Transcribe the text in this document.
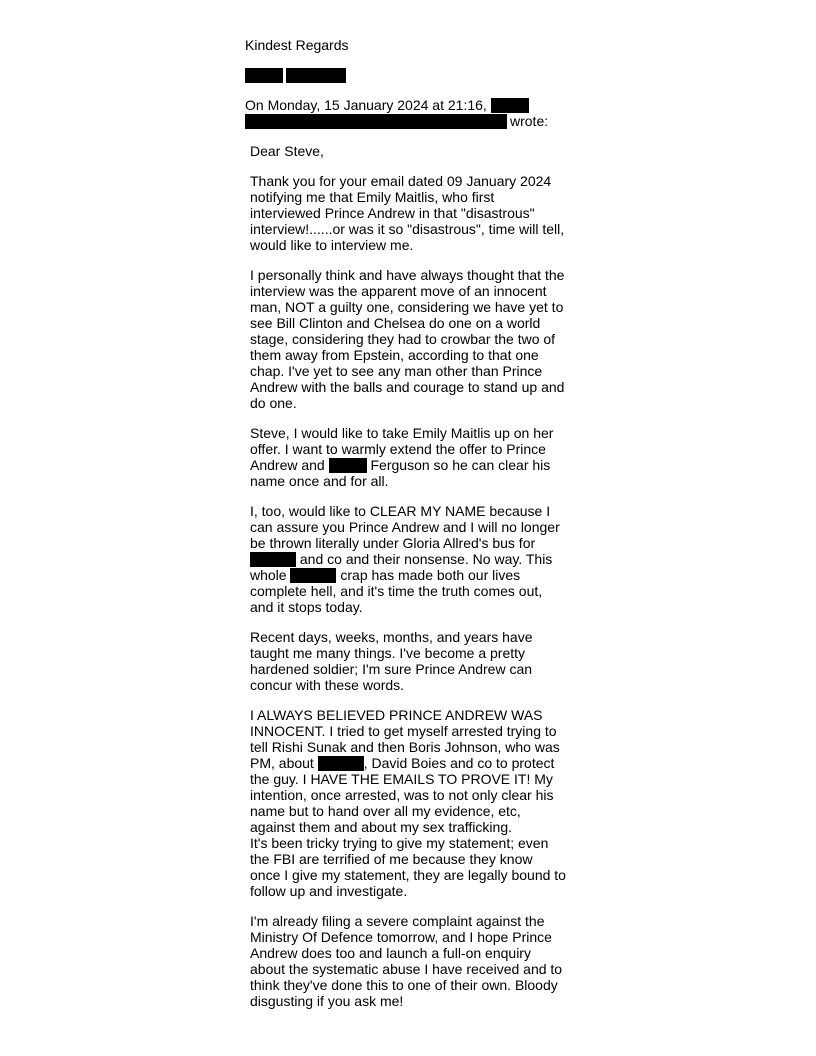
Kindest Regards
On Monday, 15 January 2024 at 21:16,
wrote:
Dear Steve,
Thank you for your email dated 09 January 2024
notifying me that Emily Maitlis, who first
interviewed Prince Andrew in that "disastrous"
interview!......or was it so "disastrous", time will tell,
would like to interview me.
I personally think and have always thought that the
interview was the apparent move of an innocent
man, NOT a guilty one, considering we have yet to
see Bill Clinton and Chelsea do one on a world
stage, considering they had to crowbar the two of
them away from Epstein, according to that one
chap. I've yet to see any man other than Prince
Andrew with the balls and courage to stand up and
do one.
Steve, I would like to take Emily Maitlis up on her
offer. I want to warmly extend the offer to Prince
Andrew and	Ferguson so he can clear his
name once and for all.
I, too, would like to CLEAR MY NAME because I
can assure you Prince Andrew and I will no longer
be thrown literally under Gloria Allred's bus for
and co and their nonsense. No way. This
whole	crap has made both our lives
complete hell, and it's time the truth comes out,
and it stops today.
Recent days, weeks, months, and years have
taught me many things. I've become a pretty
hardened soldier; I'm sure Prince Andrew can
concur with these words.
I ALWAYS BELIEVED PRINCE ANDREW WAS
INNOCENT. I tried to get myself arrested trying to
tell Rishi Sunak and then Boris Johnson, who was
PM, about	, David Boies and co to protect
the guy. I HAVE THE EMAILS TO PROVE IT! My
intention, once arrested, was to not only clear his
name but to hand over all my evidence, etc,
against them and about my sex trafficking.
It's been tricky trying to give my statement; even
the FBI are terrified of me because they know
once I give my statement, they are legally bound to
follow up and investigate.
I'm already filing a severe complaint against the
Ministry Of Defence tomorrow, and I hope Prince
Andrew does too and launch a full-on enquiry
about the systematic abuse I have received and to
think they've done this to one of their own. Bloody
disgusting if you ask me!
